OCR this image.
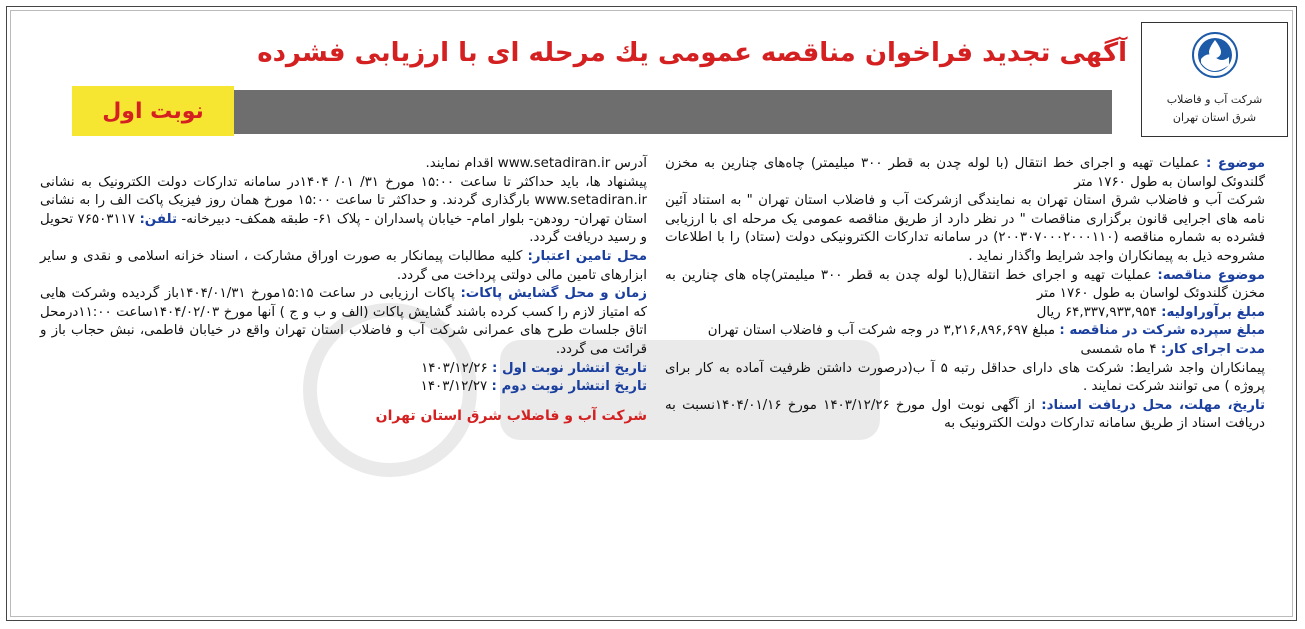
شرکت آب و فاضلاب
شرق استان تهران
آگهی تجدید فراخوان مناقصه عمومی یك مرحله ای با ارزیابی فشرده
نوبت اول

موضوع : عملیات تهیه و اجرای خط انتقال (با لوله چدن به قطر ۳۰۰ میلیمتر) چاه‌های چنارین به مخزن گلندوئک لواسان به طول ۱۷۶۰ متر

شرکت آب و فاضلاب شرق استان تهران به نمایندگی ازشرکت آب و فاضلاب استان تهران " به استناد آئین نامه های اجرایی قانون برگزاری مناقصات " در نظر دارد از طریق مناقصه عمومی یک مرحله ای با ارزیابی فشرده به شماره مناقصه (۲۰۰۳۰۷۰۰۰۲۰۰۰۱۱۰) در سامانه تدارکات الکترونیکی دولت (ستاد) را با اطلاعات مشروحه ذیل به پیمانکاران واجد شرایط واگذار نماید .

موضوع مناقصه: عملیات تهیه و اجرای خط انتقال(با لوله چدن به قطر ۳۰۰ میلیمتر)چاه های چنارین به مخزن گلندوئک لواسان به طول ۱۷۶۰ متر

مبلغ برآوراولیه: ۶۴,۳۳۷,۹۳۳,۹۵۴ ریال

مبلغ سپرده شرکت در مناقصه : مبلغ ۳,۲۱۶,۸۹۶,۶۹۷ در وجه شرکت آب و فاضلاب استان تهران

مدت اجرای کار: ۴ ماه شمسی

پیمانکاران واجد شرایط: شرکت های دارای حداقل رتبه ۵ آ ب(درصورت داشتن ظرفیت آماده به کار برای پروژه ) می توانند شرکت نمایند .

تاریخ، مهلت، محل دریافت اسناد: از آگهی نوبت اول مورخ ۱۴۰۳/۱۲/۲۶ مورخ ۱۴۰۴/۰۱/۱۶نسبت به دریافت اسناد از طریق سامانه تدارکات دولت الکترونیک به

آدرس www.setadiran.ir اقدام نمایند.

پیشنهاد ها، باید حداکثر تا ساعت ۱۵:۰۰ مورخ ۳۱/ ۰۱/ ۱۴۰۴در سامانه تدارکات دولت الکترونیک به نشانی www.setadiran.ir بارگذاری گردند. و حداکثر تا ساعت ۱۵:۰۰ مورخ همان روز فیزیک پاکت الف را به نشانی استان تهران- رودهن- بلوار امام- خیابان پاسداران - پلاک ۶۱- طبقه همکف- دبیرخانه- تلفن: ۷۶۵۰۳۱۱۷ تحویل و رسید دریافت گردد.

محل تامین اعتبار: کلیه مطالبات پیمانکار به صورت اوراق مشارکت ، اسناد خزانه اسلامی و نقدی و سایر ابزارهای تامین مالی دولتی پرداخت می گردد.

زمان و محل گشایش پاکات: پاکات ارزیابی در ساعت ۱۵:۱۵مورخ ۱۴۰۴/۰۱/۳۱باز گردیده وشرکت هایی که امتیاز لازم را کسب کرده باشند گشایش پاکات (الف و ب و ج ) آنها مورخ ۱۴۰۴/۰۲/۰۳ساعت ۱۱:۰۰درمحل اتاق جلسات طرح های عمرانی شرکت آب و فاضلاب استان تهران واقع در خیابان فاطمی، نبش حجاب باز و قرائت می گردد.

تاریخ انتشار نوبت اول : ۱۴۰۳/۱۲/۲۶

تاریخ انتشار نوبت دوم : ۱۴۰۳/۱۲/۲۷

شرکت آب و فاضلاب شرق استان تهران
